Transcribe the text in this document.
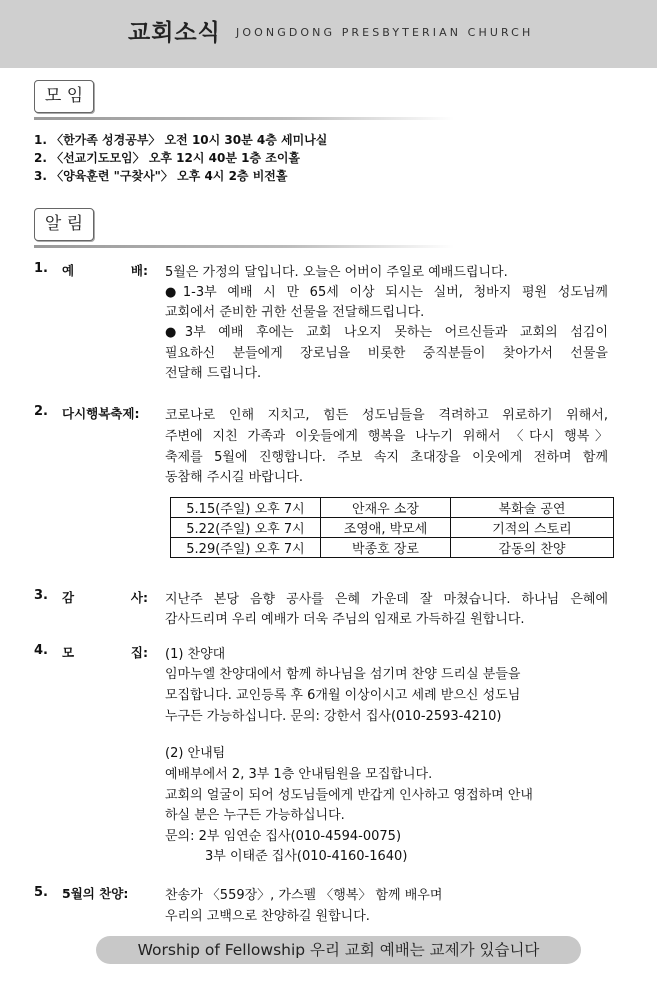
교회소식 JOONGDONG PRESBYTERIAN CHURCH
모 임
1. 〈한가족 성경공부〉 오전 10시 30분 4층 세미나실
2. 〈선교기도모임〉 오후 12시 40분 1층 조이홀
3. 〈양육훈련 "구찾사"〉 오후 4시 2층 비전홀
알 림
1. 예	배: 5월은 가정의 달입니다. 오늘은 어버이 주일로 예배드립니다.
●1-3부 예배 시 만 65세 이상 되시는 실버, 청바지 평원 성도님께
교회에서 준비한 귀한 선물을 전달해드립니다.
●3부 예배 후에는 교회 나오지 못하는 어르신들과 교회의 섬김이
필요하신 분들에게 장로님을 비롯한 중직분들이 찾아가서 선물을
전달해 드립니다.
2. 다시행복축제: 코로나로 인해 지치고, 힘든 성도님들을 격려하고 위로하기 위해서,
주변에 지친 가족과 이웃들에게 행복을 나누기 위해서 〈다시 행복〉
축제를 5월에 진행합니다. 주보 속지 초대장을 이웃에게 전하며 함께
동참해 주시길 바랍니다.
5.15(주일) 오후 7시	안재우 소장	복화술 공연
5.22(주일) 오후 7시	조영애, 박모세	기적의 스토리
5.29(주일) 오후 7시	박종호 장로	감동의 찬양
3. 감	사: 지난주 본당 음향 공사를 은혜 가운데 잘 마쳤습니다. 하나님 은혜에
감사드리며 우리 예배가 더욱 주님의 임재로 가득하길 원합니다.
4. 모	집: (1) 찬양대
임마누엘 찬양대에서 함께 하나님을 섬기며 찬양 드리실 분들을
모집합니다. 교인등록 후 6개월 이상이시고 세례 받으신 성도님
누구든 가능하십니다. 문의: 강한서 집사(010-2593-4210)
(2) 안내팀
예배부에서 2, 3부 1층 안내팀원을 모집합니다.
교회의 얼굴이 되어 성도님들에게 반갑게 인사하고 영접하며 안내
하실 분은 누구든 가능하십니다.
문의: 2부 임연순 집사(010-4594-0075)
3부 이태준 집사(010-4160-1640)
5. 5월의 찬양:	찬송가 〈559장〉, 가스펠 〈행복〉 함께 배우며
우리의 고백으로 찬양하길 원합니다.
Worship of Fellowship 우리 교회 예배는 교제가 있습니다
